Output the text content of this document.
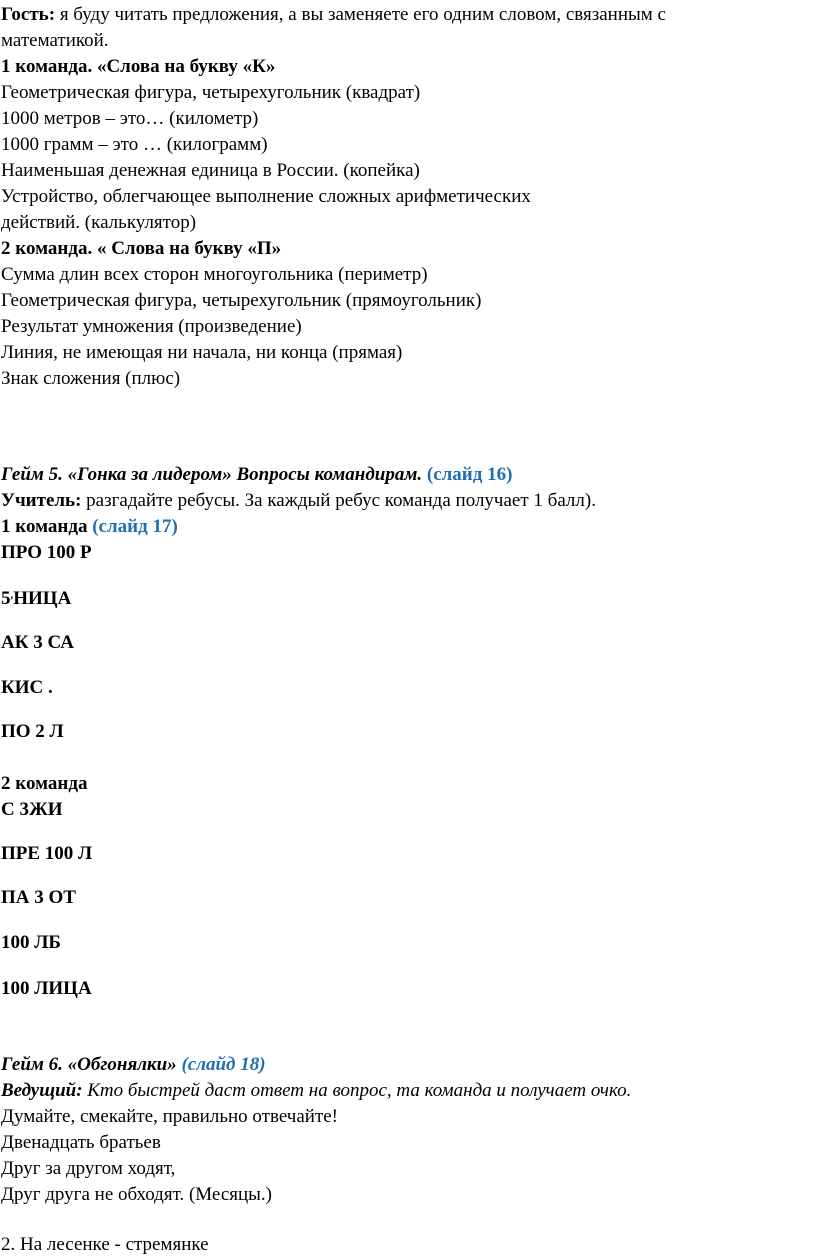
Гость: я буду читать предложения, а вы заменяете его одним словом, связанным с
математикой.
1 команда. «Слова на букву «К»
Геометрическая фигура, четырехугольник (квадрат)
1000 метров – это… (километр)
1000 грамм – это … (килограмм)
Наименьшая денежная единица в России. (копейка)
Устройство, облегчающее выполнение сложных арифметических
действий. (калькулятор)
2 команда. « Слова на букву «П»
Сумма длин всех сторон многоугольника (периметр)
Геометрическая фигура, четырехугольник (прямоугольник)
Результат умножения (произведение)
Линия, не имеющая ни начала, ни конца (прямая)
Знак сложения (плюс)
Гейм 5. «Гонка за лидером» Вопросы командирам. (слайд 16)
Учитель: разгадайте ребусы. За каждый ребус команда получает 1 балл).
1 команда (слайд 17)
ПРО 100 Р
5,НИЦА
АК 3 СА
КИС .
ПО 2 Л
2 команда
С 3ЖИ
ПРЕ 100 Л
ПА 3 ОТ
100 ЛБ
100 ЛИЦА
Гейм 6. «Обгонялки» (слайд 18)
Ведущий: Кто быстрей даст ответ на вопрос, та команда и получает очко.
Думайте, смекайте, правильно отвечайте!
Двенадцать братьев
Друг за другом ходят,
Друг друга не обходят. (Месяцы.)
2. На лесенке - стремянке
